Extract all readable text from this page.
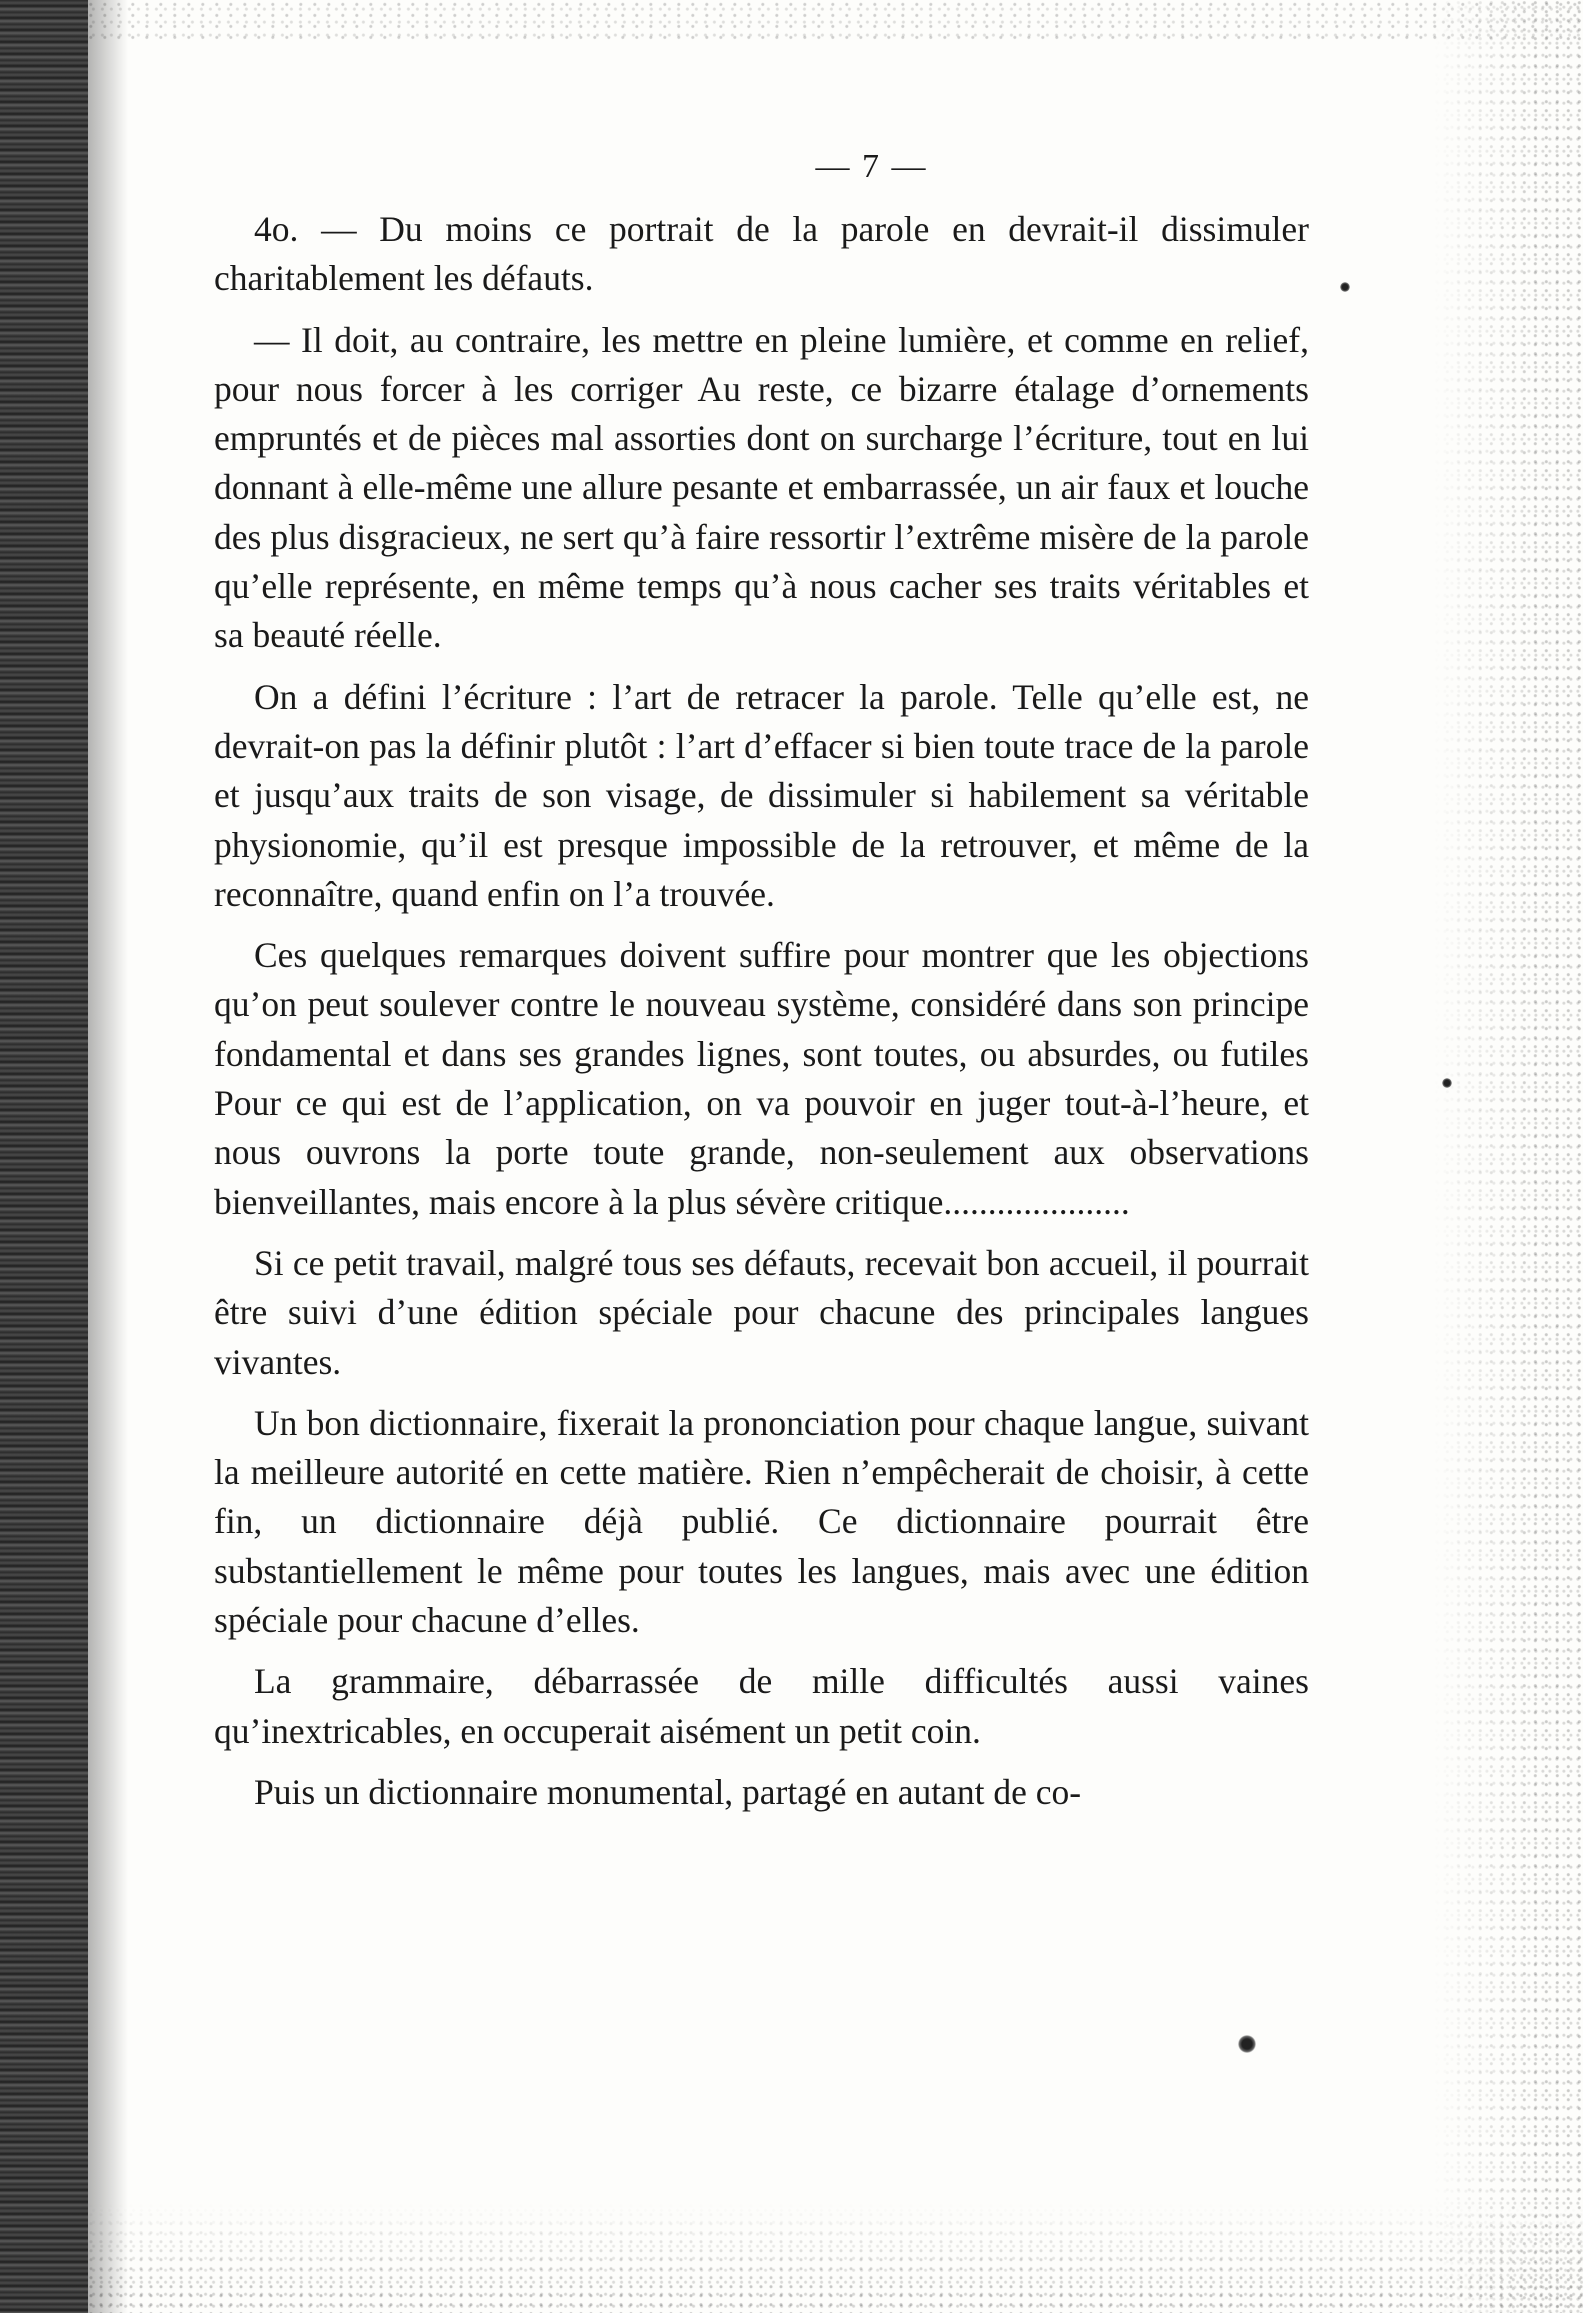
— 7 —

4o. — Du moins ce portrait de la parole en devrait-il dissimuler charitablement les défauts.

— Il doit, au contraire, les mettre en pleine lumière, et comme en relief, pour nous forcer à les corriger Au reste, ce bizarre étalage d’ornements empruntés et de pièces mal assorties dont on surcharge l’écriture, tout en lui donnant à elle-même une allure pesante et embarrassée, un air faux et louche des plus disgracieux, ne sert qu’à faire ressortir l’extrême misère de la parole qu’elle représente, en même temps qu’à nous cacher ses traits véritables et sa beauté réelle.

On a défini l’écriture : l’art de retracer la parole. Telle qu’elle est, ne devrait-on pas la définir plutôt : l’art d’effacer si bien toute trace de la parole et jusqu’aux traits de son visage, de dissimuler si habilement sa véritable physionomie, qu’il est presque impossible de la retrouver, et même de la reconnaître, quand enfin on l’a trouvée.

Ces quelques remarques doivent suffire pour montrer que les objections qu’on peut soulever contre le nouveau système, considéré dans son principe fondamental et dans ses grandes lignes, sont toutes, ou absurdes, ou futiles Pour ce qui est de l’application, on va pouvoir en juger tout-à-l’heure, et nous ouvrons la porte toute grande, non-seulement aux observations bienveillantes, mais encore à la plus sévère critique.....................

Si ce petit travail, malgré tous ses défauts, recevait bon accueil, il pourrait être suivi d’une édition spéciale pour chacune des principales langues vivantes.

Un bon dictionnaire, fixerait la prononciation pour chaque langue, suivant la meilleure autorité en cette matière. Rien n’empêcherait de choisir, à cette fin, un dictionnaire déjà publié. Ce dictionnaire pourrait être substantiellement le même pour toutes les langues, mais avec une édition spéciale pour chacune d’elles.

La grammaire, débarrassée de mille difficultés aussi vaines qu’inextricables, en occuperait aisément un petit coin.

Puis un dictionnaire monumental, partagé en autant de co-
